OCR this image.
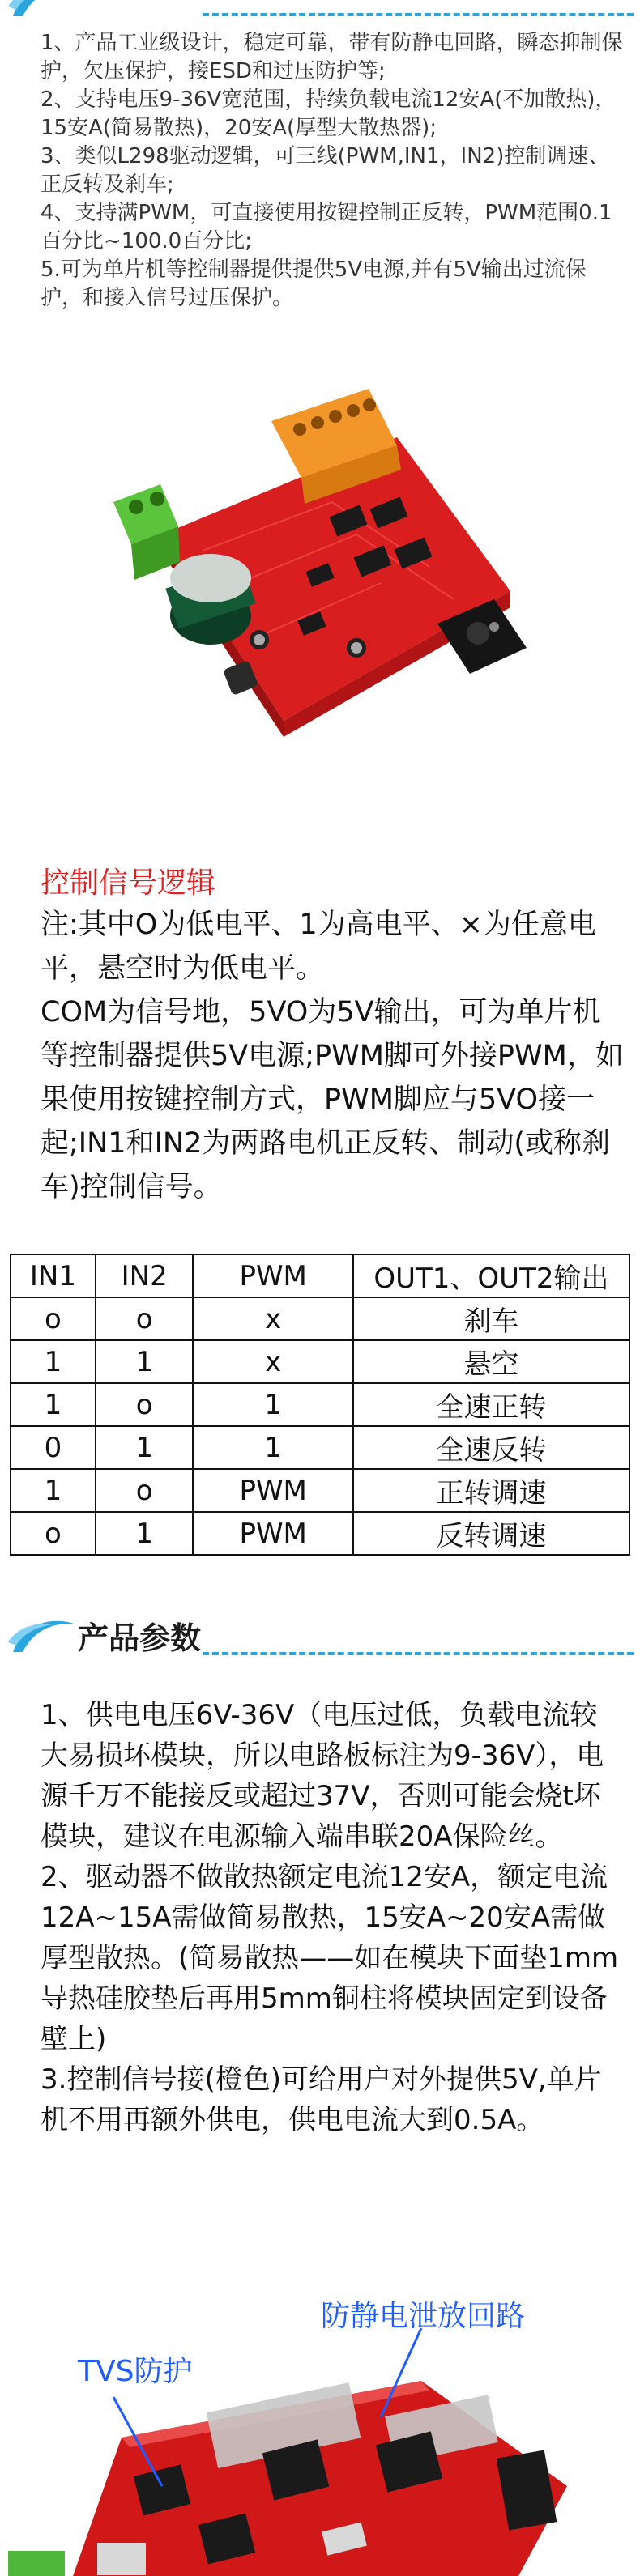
1、产品工业级设计，稳定可靠，带有防静电回路，瞬态抑制保护，欠压保护，接ESD和过压防护等;

2、支持电压9-36V宽范围，持续负载电流12安A(不加散热)，15安A(简易散热)，20安A(厚型大散热器);

3、类似L298驱动逻辑，可三线(PWM,IN1，IN2)控制调速、正反转及刹车;

4、支持满PWM，可直接使用按键控制正反转，PWM范围0.1百分比~100.0百分比;

5.可为单片机等控制器提供提供5V电源,并有5V输出过流保护，和接入信号过压保护。

控制信号逻辑

注:其中O为低电平、1为高电平、×为任意电平，悬空时为低电平。

COM为信号地，5VO为5V输出，可为单片机等控制器提供5V电源;PWM脚可外接PWM，如果使用按键控制方式，PWM脚应与5VO接一起;IN1和IN2为两路电机正反转、制动(或称刹车)控制信号。

IN1	IN2	PWM	OUT1、OUT2输出
o	o	x	刹车
1	1	x	悬空
1	o	1	全速正转
0	1	1	全速反转
1	o	PWM	正转调速
o	1	PWM	反转调速
产品参数

1、供电电压6V-36V（电压过低，负载电流较大易损坏模块，所以电路板标注为9-36V），电源千万不能接反或超过37V，否则可能会烧t坏模块，建议在电源输入端串联20A保险丝。

2、驱动器不做散热额定电流12安A，额定电流12A~15A需做简易散热，15安A~20安A需做厚型散热。(简易散热——如在模块下面垫1mm导热硅胶垫后再用5mm铜柱将模块固定到设备壁上)

3.控制信号接(橙色)可给用户对外提供5V,单片机不用再额外供电，供电电流大到0.5A。

防静电泄放回路
TVS防护
